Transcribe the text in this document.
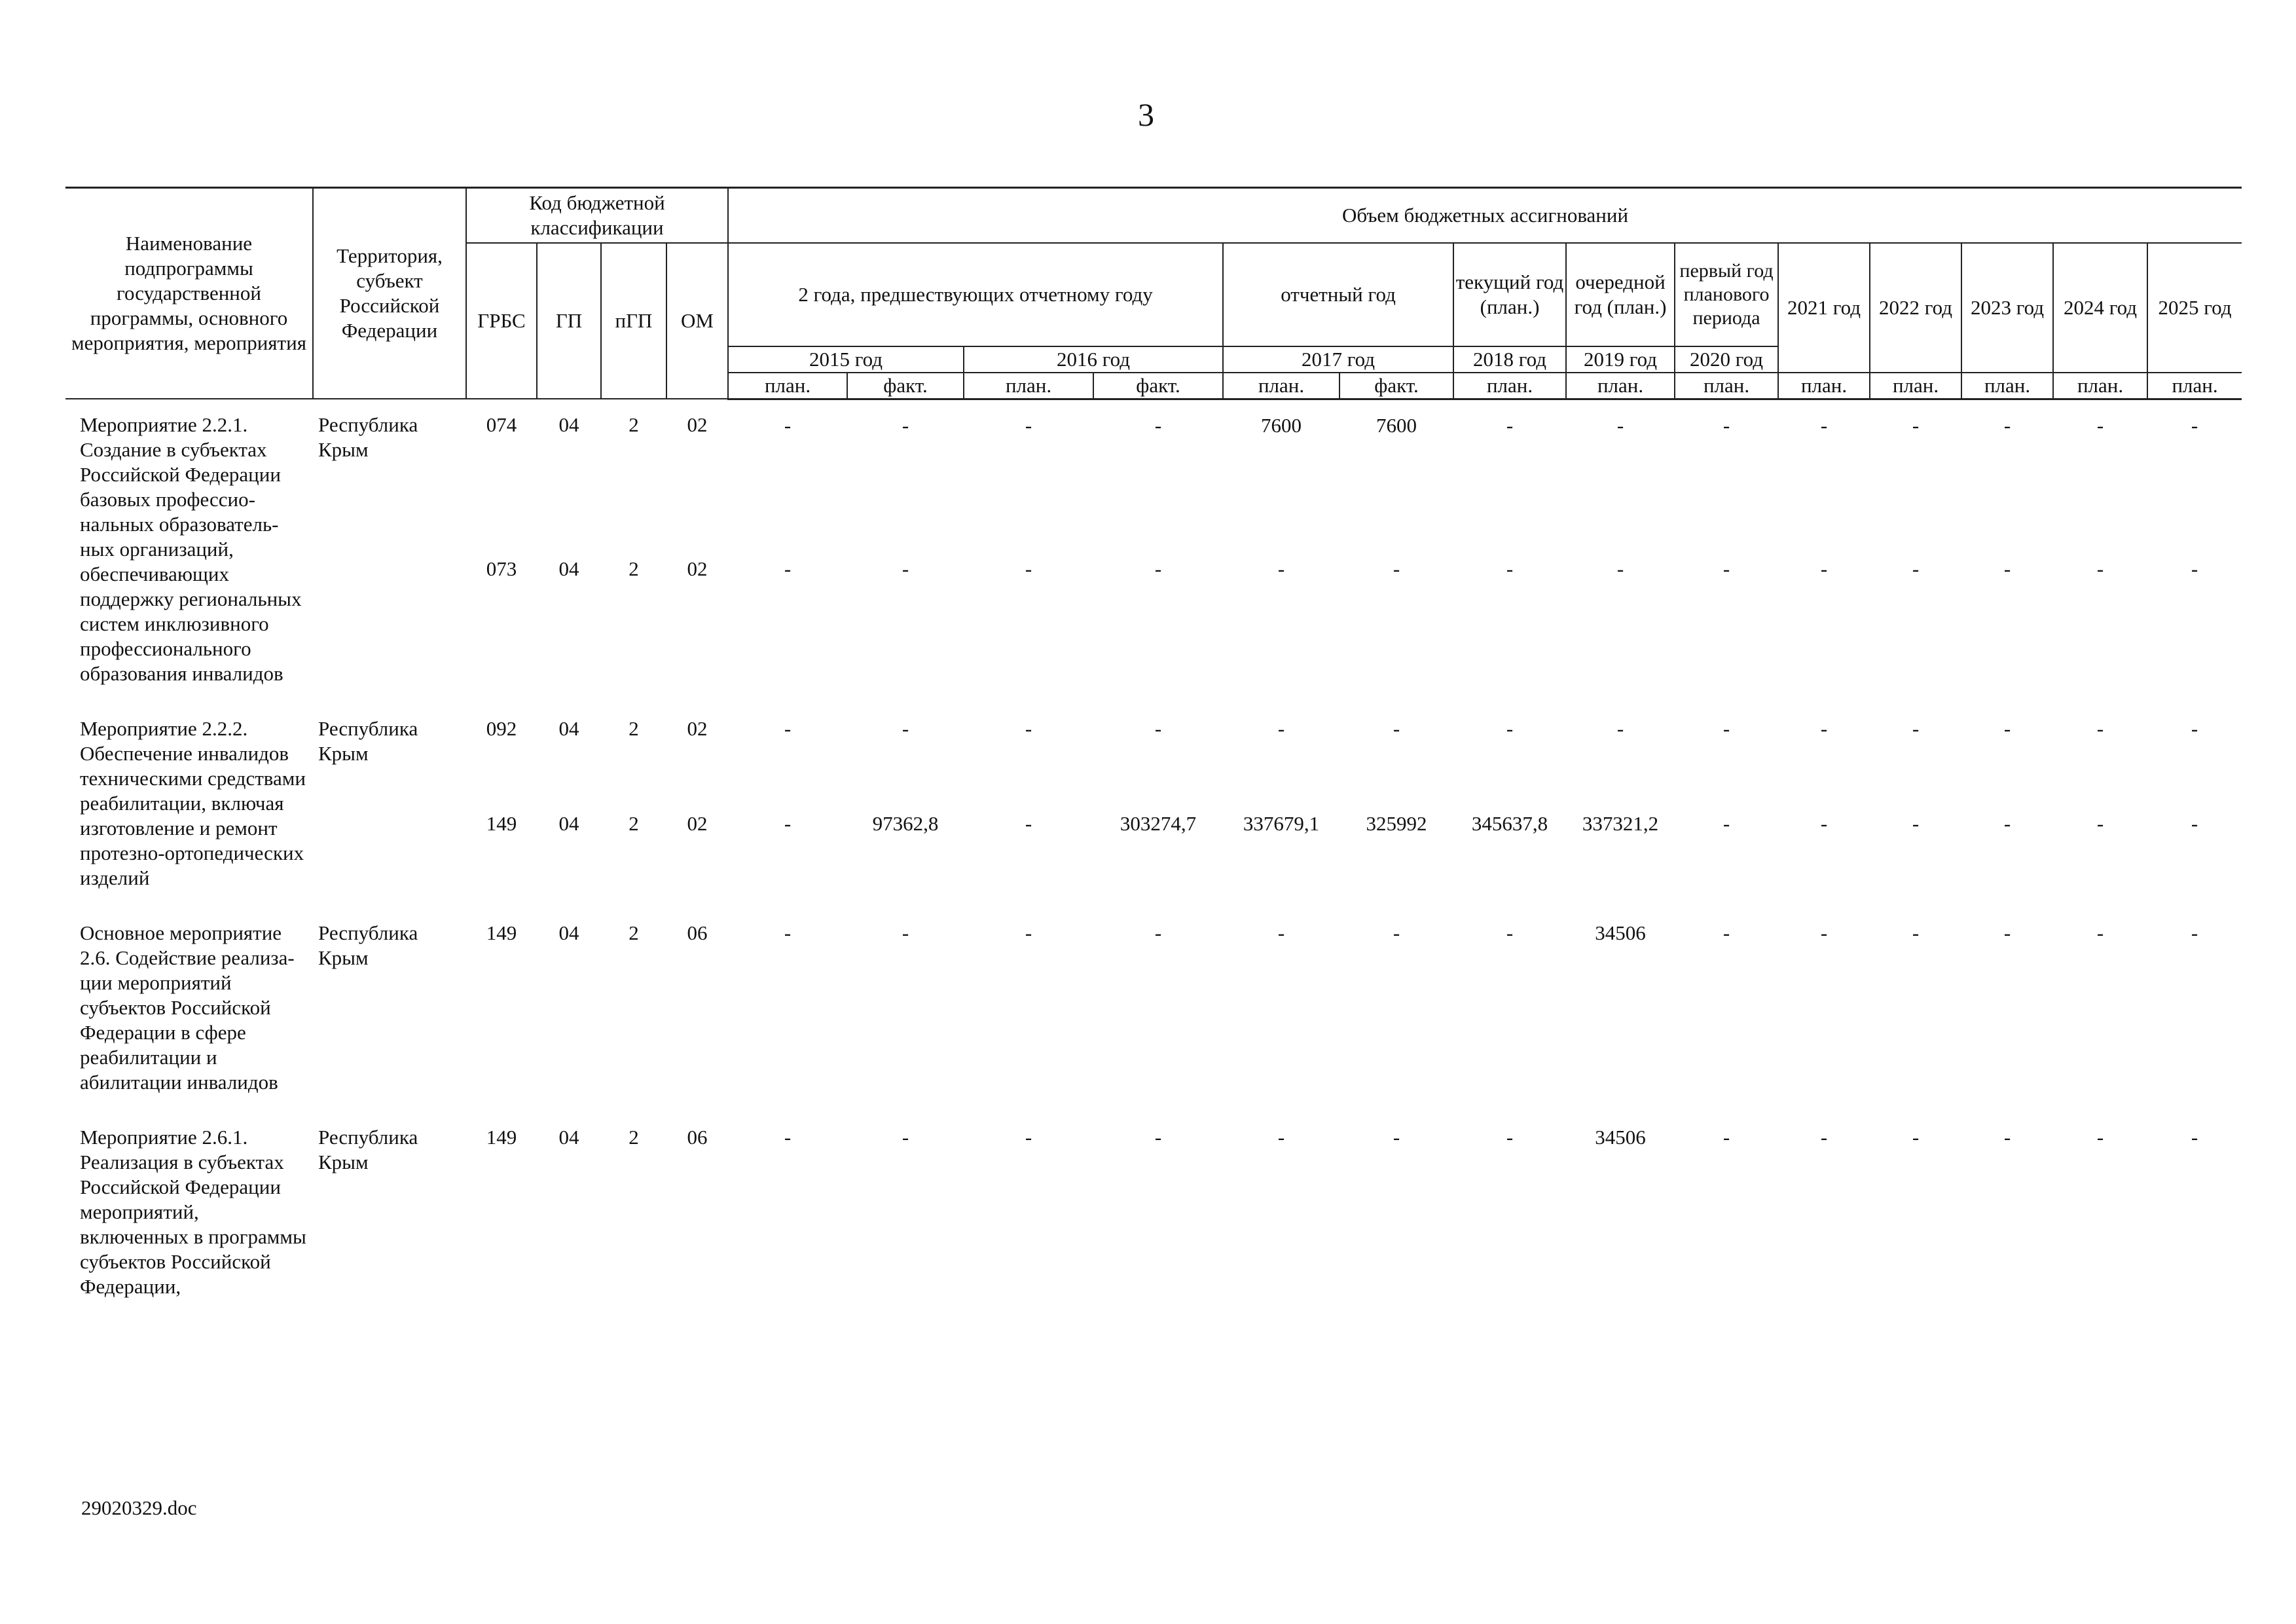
3
Наименование подпрограммы государственной программы, основного мероприятия, мероприятия	Территория, субъект Российской Федерации	Код бюджетной классификации				Объем бюджетных ассигнований													
		ГРБС	ГП	пГП	ОМ	2 года, предшествующих отчетному году				отчетный год		текущий год (план.)	очередной год (план.)	первый год планового периода	2021 год	2022 год	2023 год	2024 год	2025 год
						2015 год		2016 год		2017 год		2018 год	2019 год	2020 год					
						план.	факт.	план.	факт.	план.	факт.	план.	план.	план.	план.	план.	план.	план.	план.
Мероприятие 2.2.1. Создание в субъектах Российской Федерации базовых профессио-нальных образователь-ных организаций, обеспечивающих поддержку региональных систем инклюзивного профессионального образования инвалидов	Республика Крым	074	04	2	02	-	-	-	-	7600	7600	-	-	-	-	-	-	-	-
		073	04	2	02	-	-	-	-	-	-	-	-	-	-	-	-	-	-

Мероприятие 2.2.2. Обеспечение инвалидов техническими средствами реабилитации, включая изготовление и ремонт протезно-ортопедических изделий	Республика Крым	092	04	2	02	-	-	-	-	-	-	-	-	-	-	-	-	-	-
		149	04	2	02	-	97362,8	-	303274,7	337679,1	325992	345637,8	337321,2	-	-	-	-	-	-

Основное мероприятие 2.6. Содействие реализа-ции мероприятий субъектов Российской Федерации в сфере реабилитации и абилитации инвалидов	Республика Крым	149	04	2	06	-	-	-	-	-	-	-	34506	-	-	-	-	-	-

Мероприятие 2.6.1. Реализация в субъектах Российской Федерации мероприятий, включенных в программы субъектов Российской Федерации,	Республика Крым	149	04	2	06	-	-	-	-	-	-	-	34506	-	-	-	-	-	-
29020329.doc
